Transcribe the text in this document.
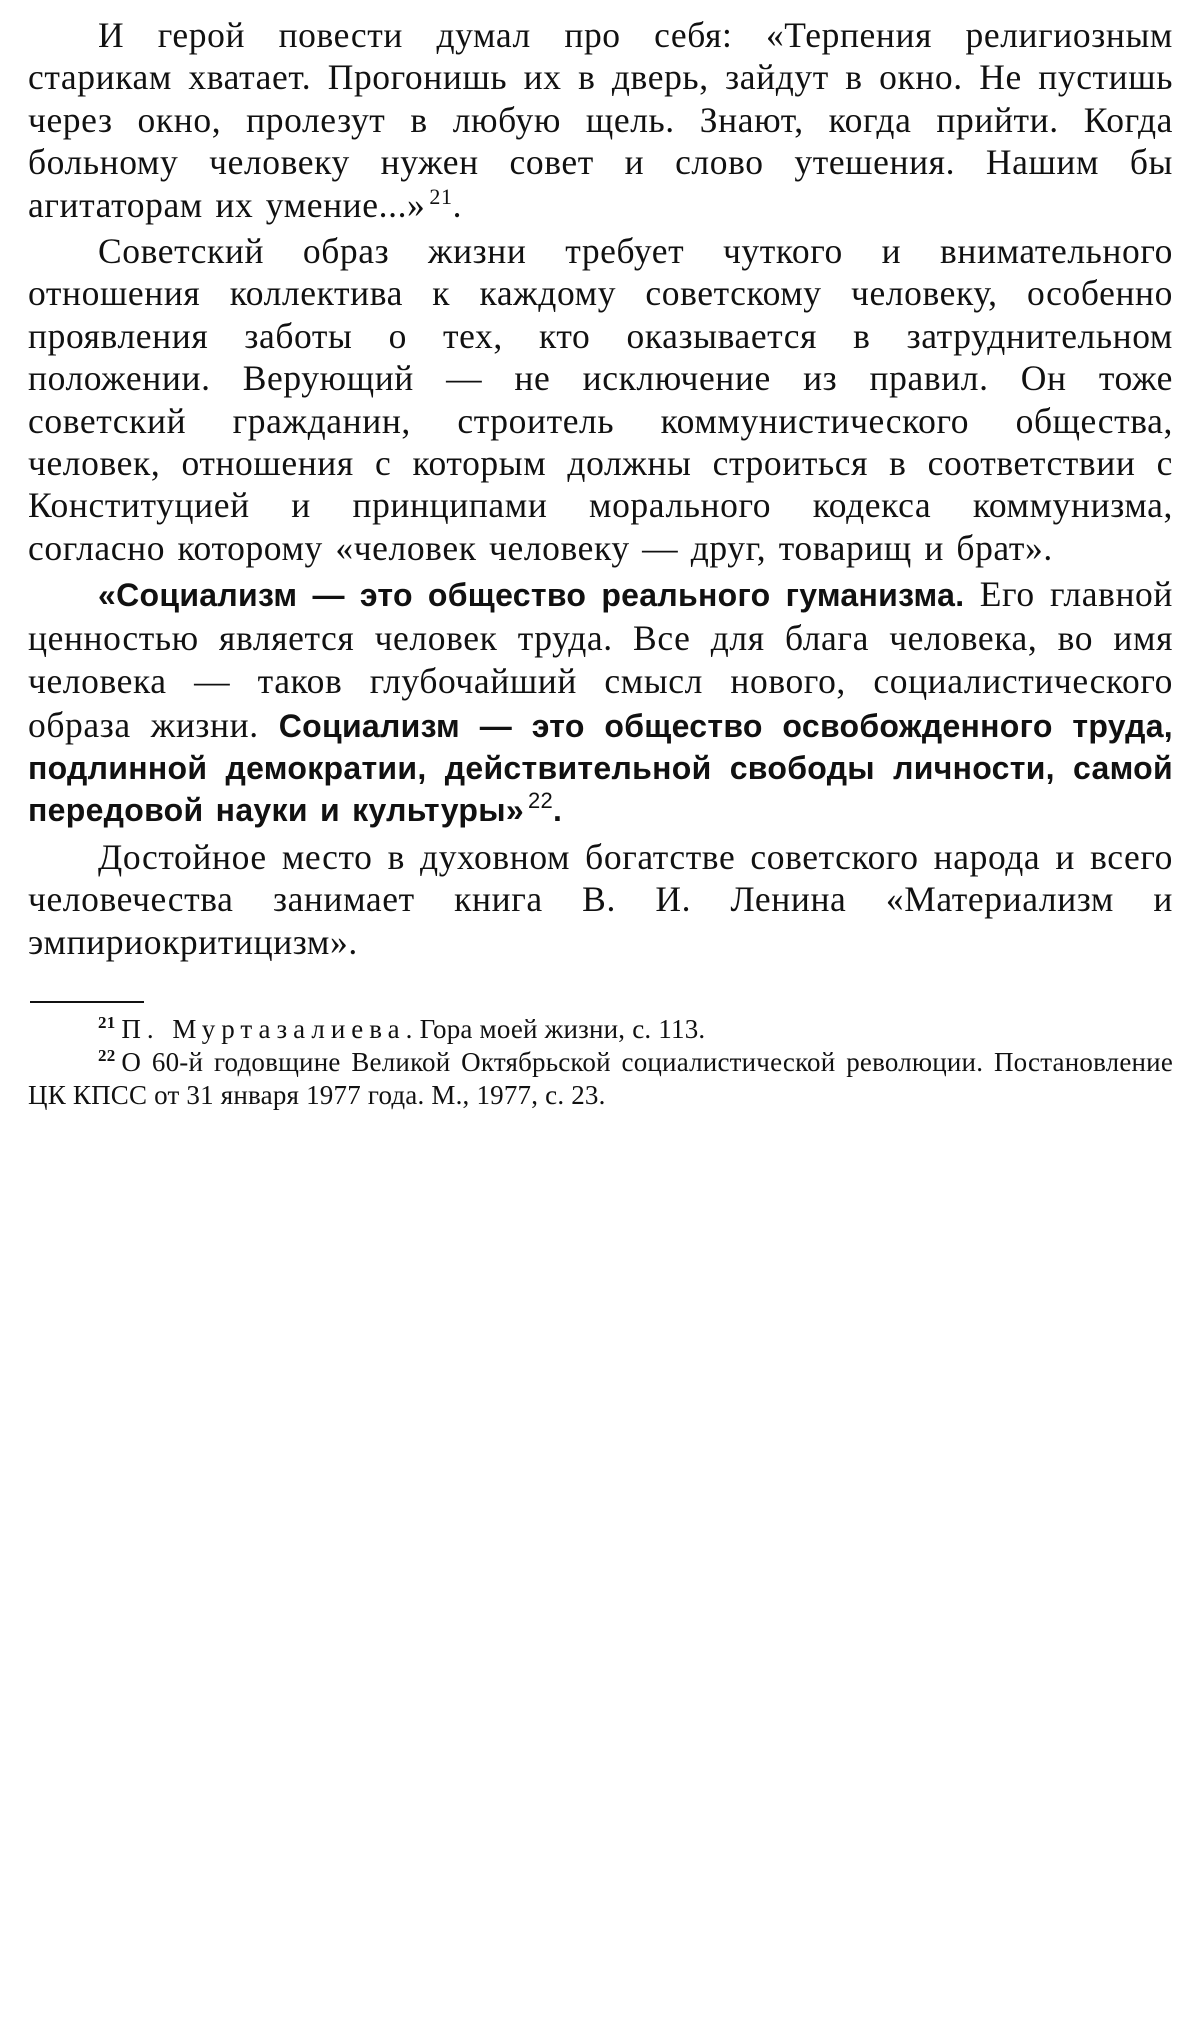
И герой повести думал про себя: «Терпения религиозным старикам хватает. Прогонишь их в дверь, зайдут в окно. Не пустишь через окно, пролезут в любую щель. Знают, когда прийти. Когда больному человеку нужен совет и слово утешения. Нашим бы агитаторам их умение...» $^{21}$.

Советский образ жизни требует чуткого и внимательного отношения коллектива к каждому советскому человеку, особенно проявления заботы о тех, кто оказывается в затруднительном положении. Верующий — не исключение из правил. Он тоже советский гражданин, строитель коммунистического общества, человек, отношения с которым должны строиться в соответствии с Конституцией и принципами морального кодекса коммунизма, согласно которому «человек человеку — друг, товарищ и брат».

«Социализм — это общество реального гуманизма. Его главной ценностью является человек труда. Все для блага человека, во имя человека — таков глубочайший смысл нового, социалистического образа жизни. Социализм — это общество освобожденного труда, подлинной демократии, действительной свободы личности, самой передовой науки и культуры» $^{22}$.

Достойное место в духовном богатстве советского народа и всего человечества занимает книга В. И. Ленина «Материализм и эмпириокритицизм».

$^{21}$ П. Муртазалиева. Гора моей жизни, с. 113.

$^{22}$ О 60-й годовщине Великой Октябрьской социалистической революции. Постановление ЦК КПСС от 31 января 1977 года. М., 1977, с. 23.
